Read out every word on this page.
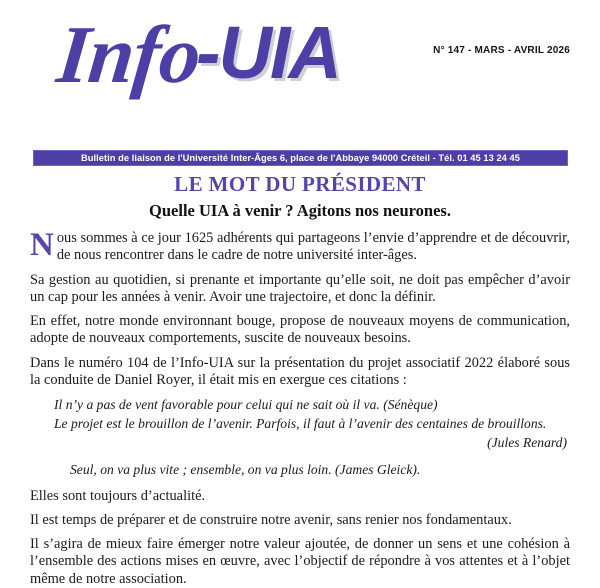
N° 147 - MARS - AVRIL 2026
Info-UIA94
Bulletin de liaison de l'Université Inter-Âges 6, place de l'Abbaye 94000 Créteil - Tél. 01 45 13 24 45
LE MOT DU PRÉSIDENT
Quelle UIA à venir ? Agitons nos neurones.

Nous sommes à ce jour 1625 adhérents qui partageons l’envie d’apprendre et de découvrir, de nous rencontrer dans le cadre de notre université inter-âges.

Sa gestion au quotidien, si prenante et importante qu’elle soit, ne doit pas empêcher d’avoir un cap pour les années à venir. Avoir une trajectoire, et donc la définir.

En effet, notre monde environnant bouge, propose de nouveaux moyens de communication, adopte de nouveaux comportements, suscite de nouveaux besoins.

Dans le numéro 104 de l’Info-UIA sur la présentation du projet associatif 2022 élaboré sous la conduite de Daniel Royer, il était mis en exergue ces citations :

Il n’y a pas de vent favorable pour celui qui ne sait où il va. (Sénèque)

Le projet est le brouillon de l’avenir. Parfois, il faut à l’avenir des centaines de brouillons.

(Jules Renard)

Seul, on va plus vite ; ensemble, on va plus loin. (James Gleick).

Elles sont toujours d’actualité.

Il est temps de préparer et de construire notre avenir, sans renier nos fondamentaux.

Il s’agira de mieux faire émerger notre valeur ajoutée, de donner un sens et une cohésion à l’ensemble des actions mises en œuvre, avec l’objectif de répondre à vos attentes et à l’objet même de notre association.
